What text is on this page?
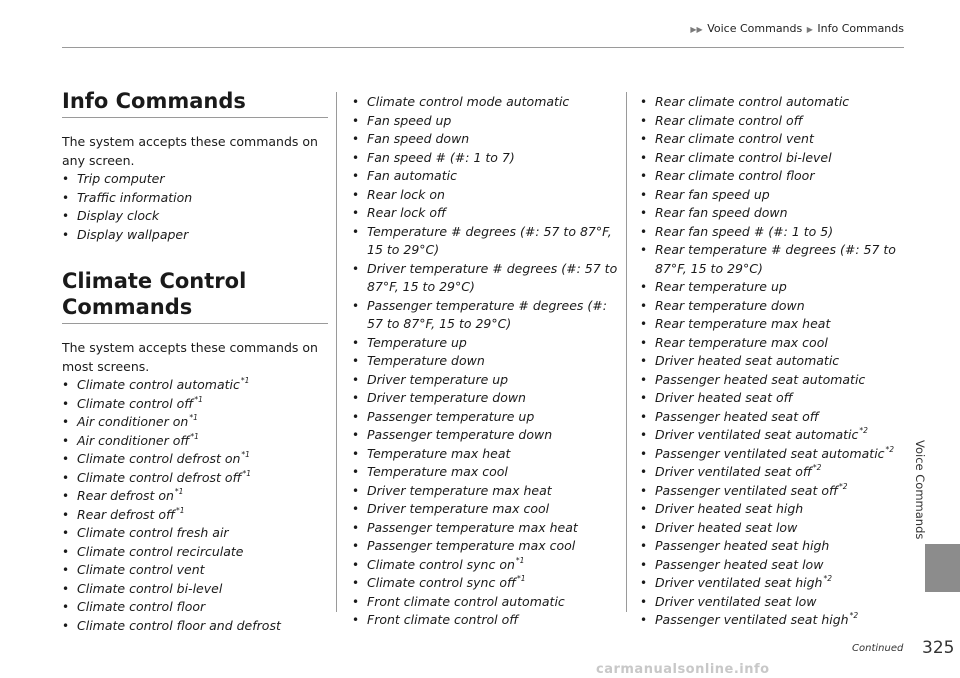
▶▶ Voice Commands ▶ Info Commands
Info Commands

The system accepts these commands on any screen.

• Trip computer
• Traffic information
• Display clock
• Display wallpaper
Climate Control
Commands

The system accepts these commands on most screens.

• Climate control automatic$^{*1}$
• Climate control off$^{*1}$
• Air conditioner $on^{*1}$
• Air conditioner off$^{*1}$
• Climate control defrost $on^{*1}$
• Climate control defrost off$^{*1}$
• Rear defrost $on^{*1}$
• Rear defrost off$^{*1}$
• Climate control fresh air
• Climate control recirculate
• Climate control vent
• Climate control bi-level
• Climate control floor
• Climate control floor and defrost
• Climate control mode automatic
• Fan speed up
• Fan speed down
• Fan speed # (#: 1 to 7)
• Fan automatic
• Rear lock on
• Rear lock off
• Temperature # degrees (#: 57 to 87°F, 15 to 29°C)
• Driver temperature # degrees (#: 57 to 87°F, 15 to 29°C)
• Passenger temperature # degrees (#: 57 to 87°F, 15 to 29°C)
• Temperature up
• Temperature down
• Driver temperature up
• Driver temperature down
• Passenger temperature up
• Passenger temperature down
• Temperature max heat
• Temperature max cool
• Driver temperature max heat
• Driver temperature max cool
• Passenger temperature max heat
• Passenger temperature max cool
• Climate control sync $on^{*1}$
• Climate control sync off$^{*1}$
• Front climate control automatic
• Front climate control off
• Rear climate control automatic
• Rear climate control off
• Rear climate control vent
• Rear climate control bi-level
• Rear climate control floor
• Rear fan speed up
• Rear fan speed down
• Rear fan speed # (#: 1 to 5)
• Rear temperature # degrees (#: 57 to 87°F, 15 to 29°C)
• Rear temperature up
• Rear temperature down
• Rear temperature max heat
• Rear temperature max cool
• Driver heated seat automatic
• Passenger heated seat automatic
• Driver heated seat off
• Passenger heated seat off
• Driver ventilated seat automatic$^{*2}$
• Passenger ventilated seat automatic$^{*2}$
• Driver ventilated seat off$^{*2}$
• Passenger ventilated seat off$^{*2}$
• Driver heated seat high
• Driver heated seat low
• Passenger heated seat high
• Passenger heated seat low
• Driver ventilated seat high$^{*2}$
• Driver ventilated seat low
• Passenger ventilated seat high$^{*2}$
Voice Commands
Continued 325
carmanualsonline.info
